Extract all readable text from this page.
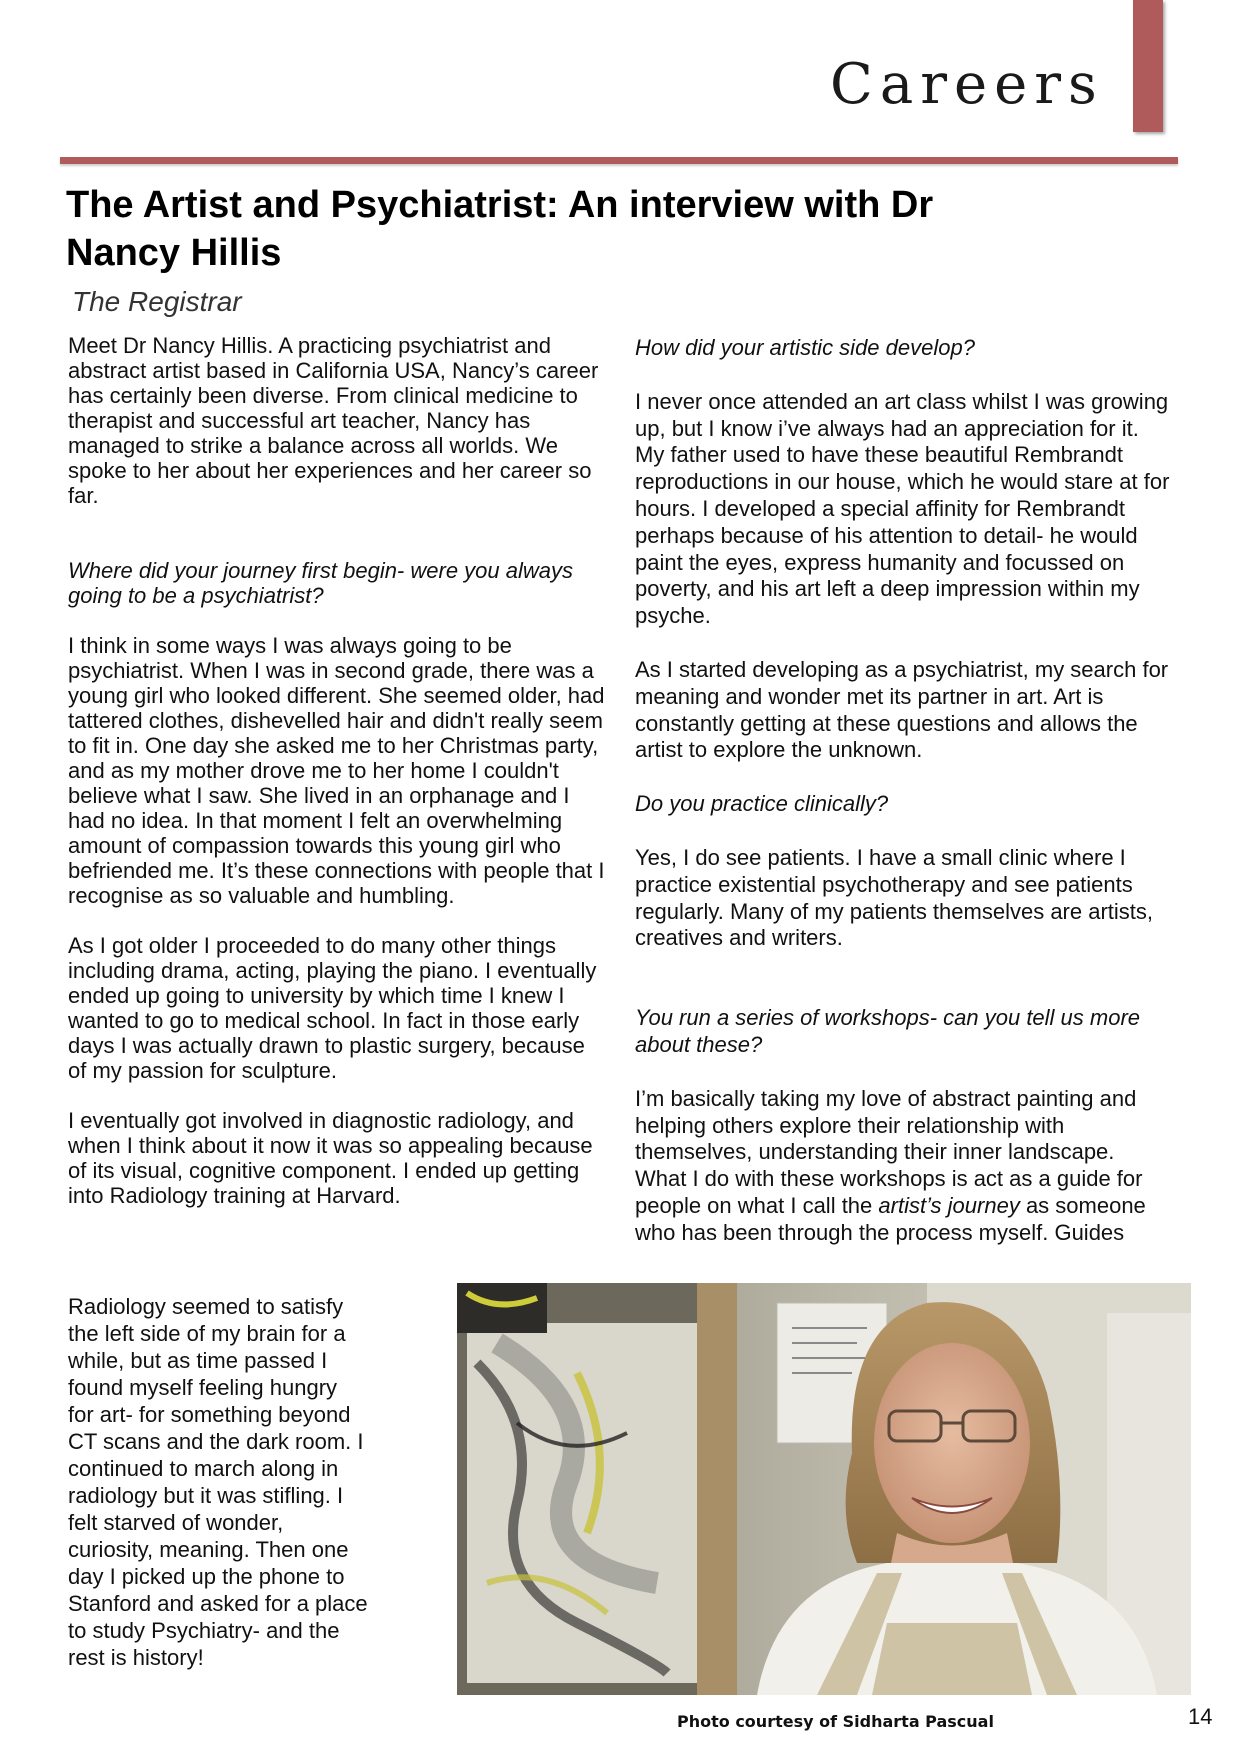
Careers
The Artist and Psychiatrist: An interview with Dr Nancy Hillis
The Registrar

Meet Dr Nancy Hillis. A practicing psychiatrist and abstract artist based in California USA, Nancy’s career has certainly been diverse. From clinical medicine to therapist and successful art teacher, Nancy has managed to strike a balance across all worlds. We spoke to her about her experiences and her career so far.

Where did your journey first begin- were you always going to be a psychiatrist?

I think in some ways I was always going to be psychiatrist. When I was in second grade, there was a young girl who looked different. She seemed older, had tattered clothes, dishevelled hair and didn't really seem to fit in. One day she asked me to her Christmas party, and as my mother drove me to her home I couldn't believe what I saw. She lived in an orphanage and I had no idea. In that moment I felt an overwhelming amount of compassion towards this young girl who befriended me. It’s these connections with people that I recognise as so valuable and humbling.

As I got older I proceeded to do many other things including drama, acting, playing the piano. I eventually ended up going to university by which time I knew I wanted to go to medical school. In fact in those early days I was actually drawn to plastic surgery, because of my passion for sculpture.

I eventually got involved in diagnostic radiology, and when I think about it now it was so appealing because of its visual, cognitive component. I ended up getting into Radiology training at Harvard.

How did your artistic side develop?

I never once attended an art class whilst I was growing up, but I know i’ve always had an appreciation for it. My father used to have these beautiful Rembrandt reproductions in our house, which he would stare at for hours. I developed a special affinity for Rembrandt perhaps because of his attention to detail- he would paint the eyes, express humanity and focussed on poverty, and his art left a deep impression within my psyche.

As I started developing as a psychiatrist, my search for meaning and wonder met its partner in art. Art is constantly getting at these questions and allows the artist to explore the unknown.

Do you practice clinically?

Yes, I do see patients. I have a small clinic where I practice existential psychotherapy and see patients regularly. Many of my patients themselves are artists, creatives and writers.

You run a series of workshops- can you tell us more about these?

I’m basically taking my love of abstract painting and helping others explore their relationship with themselves, understanding their inner landscape. What I do with these workshops is act as a guide for people on what I call the artist’s journey as someone who has been through the process myself. Guides

Radiology seemed to satisfy the left side of my brain for a while, but as time passed I found myself feeling hungry for art- for something beyond CT scans and the dark room. I continued to march along in radiology but it was stifling. I felt starved of wonder, curiosity, meaning. Then one day I picked up the phone to Stanford and asked for a place to study Psychiatry- and the rest is history!

Photo courtesy of Sidharta Pascual	14
